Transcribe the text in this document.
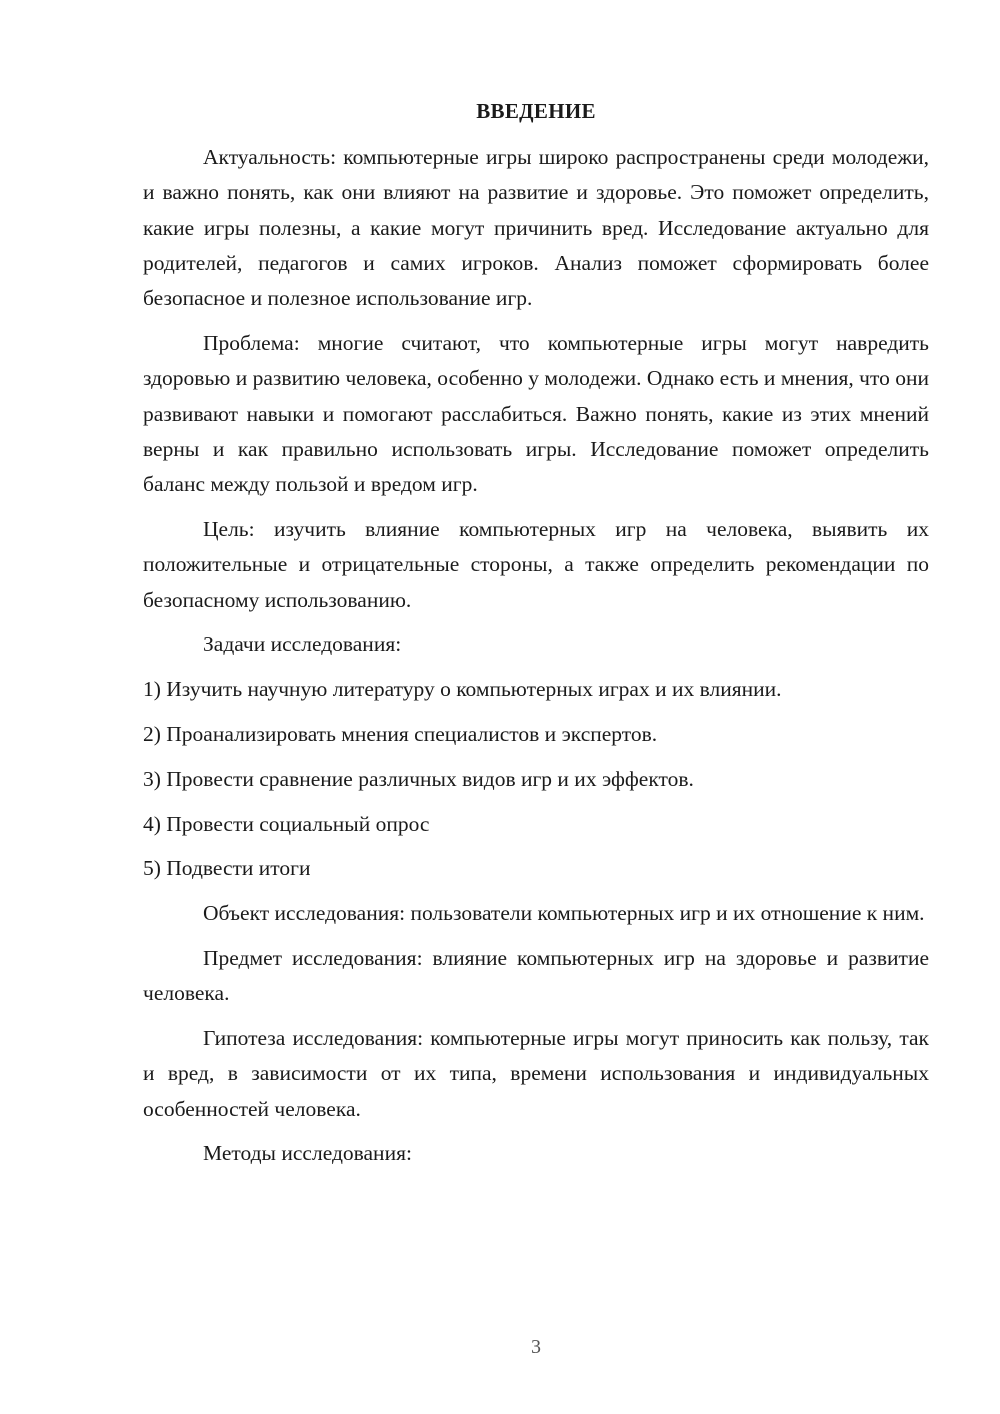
ВВЕДЕНИЕ

Актуальность: компьютерные игры широко распространены среди молодежи, и важно понять, как они влияют на развитие и здоровье. Это поможет определить, какие игры полезны, а какие могут причинить вред. Исследование актуально для родителей, педагогов и самих игроков. Анализ поможет сформировать более безопасное и полезное использование игр.

Проблема: многие считают, что компьютерные игры могут навредить здоровью и развитию человека, особенно у молодежи. Однако есть и мнения, что они развивают навыки и помогают расслабиться. Важно понять, какие из этих мнений верны и как правильно использовать игры. Исследование поможет определить баланс между пользой и вредом игр.

Цель: изучить влияние компьютерных игр на человека, выявить их положительные и отрицательные стороны, а также определить рекомендации по безопасному использованию.

Задачи исследования:

1) Изучить научную литературу о компьютерных играх и их влиянии.

2) Проанализировать мнения специалистов и экспертов.

3) Провести сравнение различных видов игр и их эффектов.

4) Провести социальный опрос

5) Подвести итоги

Объект исследования: пользователи компьютерных игр и их отношение к ним.

Предмет исследования: влияние компьютерных игр на здоровье и развитие человека.

Гипотеза исследования: компьютерные игры могут приносить как пользу, так и вред, в зависимости от их типа, времени использования и индивидуальных особенностей человека.

Методы исследования:

3
